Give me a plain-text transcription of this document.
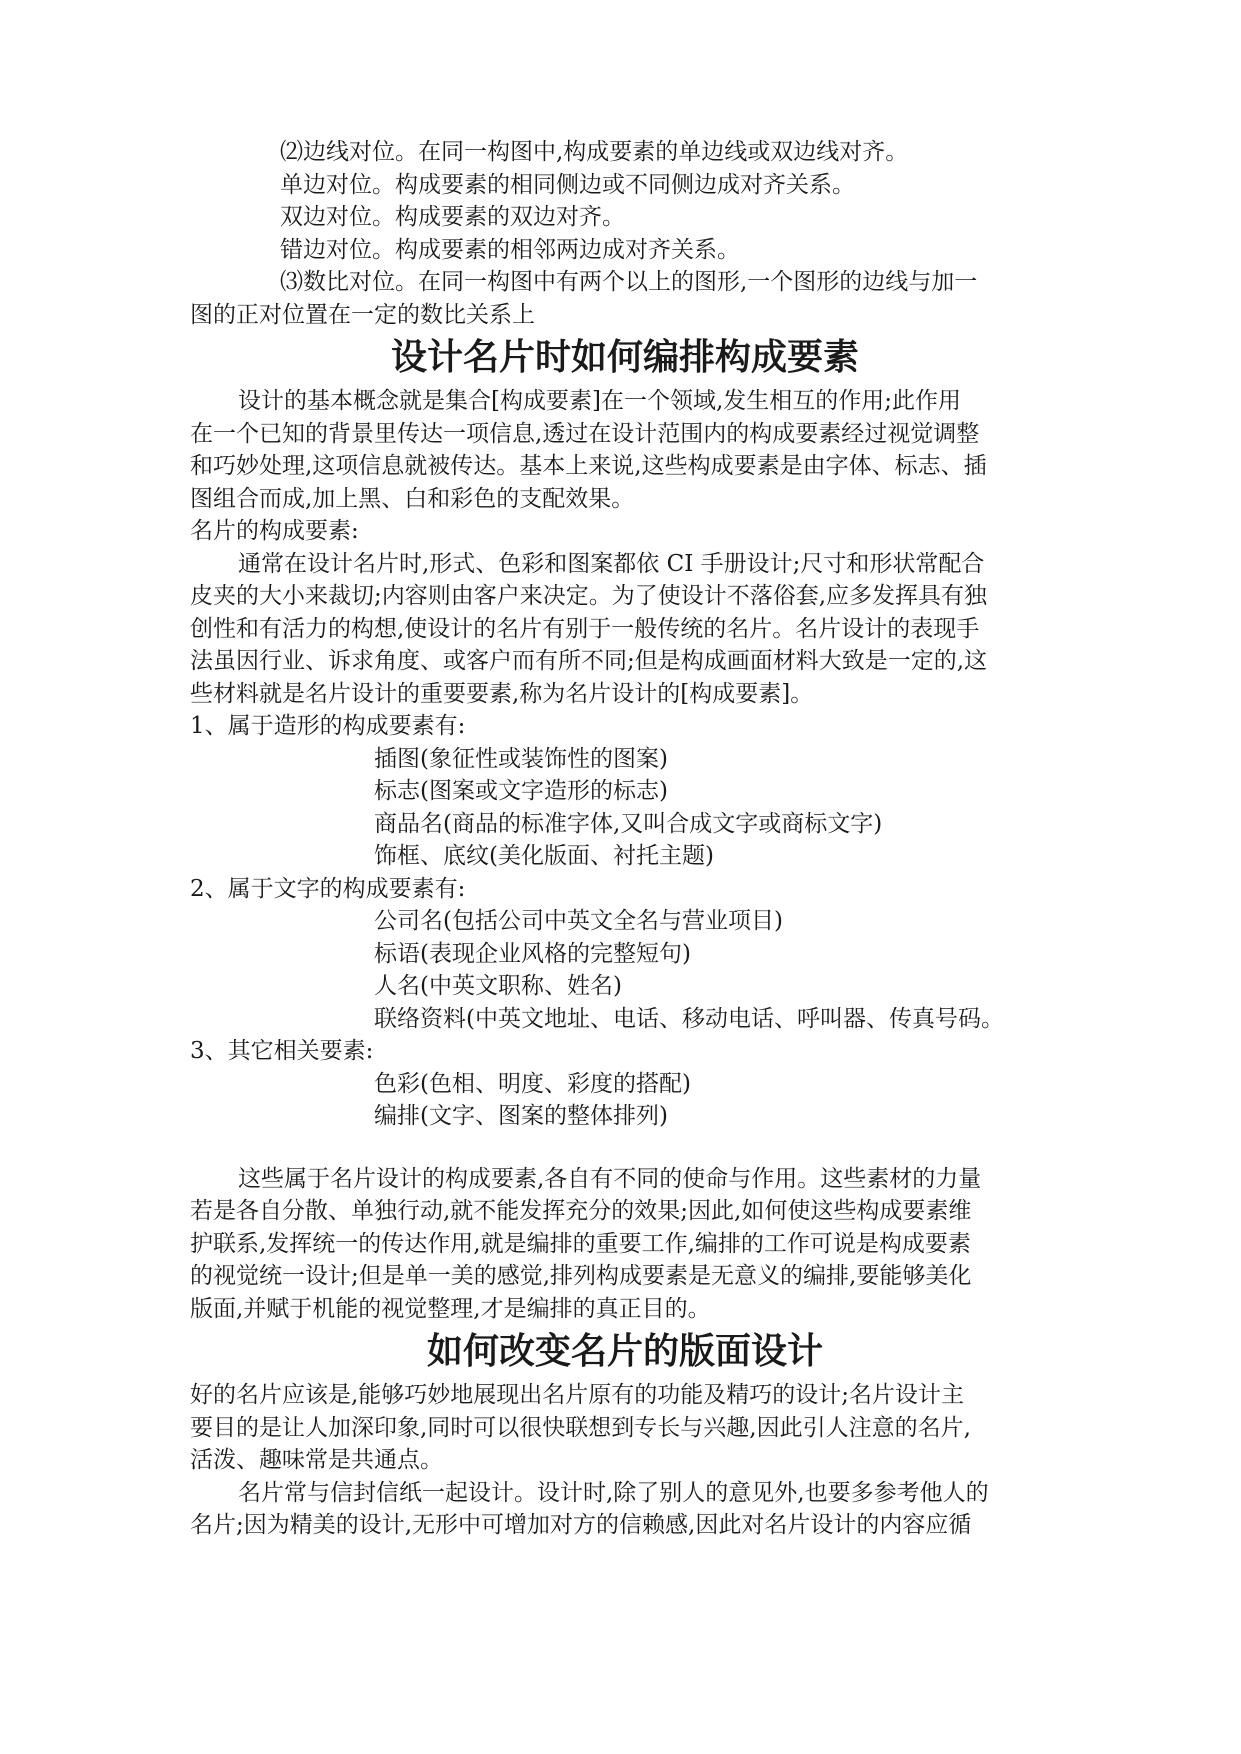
⑵边线对位。在同一构图中,构成要素的单边线或双边线对齐。

单边对位。构成要素的相同侧边或不同侧边成对齐关系。

双边对位。构成要素的双边对齐。

错边对位。构成要素的相邻两边成对齐关系。

⑶数比对位。在同一构图中有两个以上的图形,一个图形的边线与加一

图的正对位置在一定的数比关系上

设计名片时如何编排构成要素

设计的基本概念就是集合[构成要素]在一个领域,发生相互的作用;此作用

在一个已知的背景里传达一项信息,透过在设计范围内的构成要素经过视觉调整

和巧妙处理,这项信息就被传达。基本上来说,这些构成要素是由字体、标志、插

图组合而成,加上黑、白和彩色的支配效果。

名片的构成要素:

通常在设计名片时,形式、色彩和图案都依 CI 手册设计;尺寸和形状常配合

皮夹的大小来裁切;内容则由客户来决定。为了使设计不落俗套,应多发挥具有独

创性和有活力的构想,使设计的名片有别于一般传统的名片。名片设计的表现手

法虽因行业、诉求角度、或客户而有所不同;但是构成画面材料大致是一定的,这

些材料就是名片设计的重要要素,称为名片设计的[构成要素]。

1、属于造形的构成要素有:

插图(象征性或装饰性的图案)

标志(图案或文字造形的标志)

商品名(商品的标准字体,又叫合成文字或商标文字)

饰框、底纹(美化版面、衬托主题)

2、属于文字的构成要素有:

公司名(包括公司中英文全名与营业项目)

标语(表现企业风格的完整短句)

人名(中英文职称、姓名)

联络资料(中英文地址、电话、移动电话、呼叫器、传真号码。

3、其它相关要素:

色彩(色相、明度、彩度的搭配)

编排(文字、图案的整体排列)

这些属于名片设计的构成要素,各自有不同的使命与作用。这些素材的力量

若是各自分散、单独行动,就不能发挥充分的效果;因此,如何使这些构成要素维

护联系,发挥统一的传达作用,就是编排的重要工作,编排的工作可说是构成要素

的视觉统一设计;但是单一美的感觉,排列构成要素是无意义的编排,要能够美化

版面,并赋于机能的视觉整理,才是编排的真正目的。

如何改变名片的版面设计

好的名片应该是,能够巧妙地展现出名片原有的功能及精巧的设计;名片设计主

要目的是让人加深印象,同时可以很快联想到专长与兴趣,因此引人注意的名片,

活泼、趣味常是共通点。

名片常与信封信纸一起设计。设计时,除了别人的意见外,也要多参考他人的

名片;因为精美的设计,无形中可增加对方的信赖感,因此对名片设计的内容应循
